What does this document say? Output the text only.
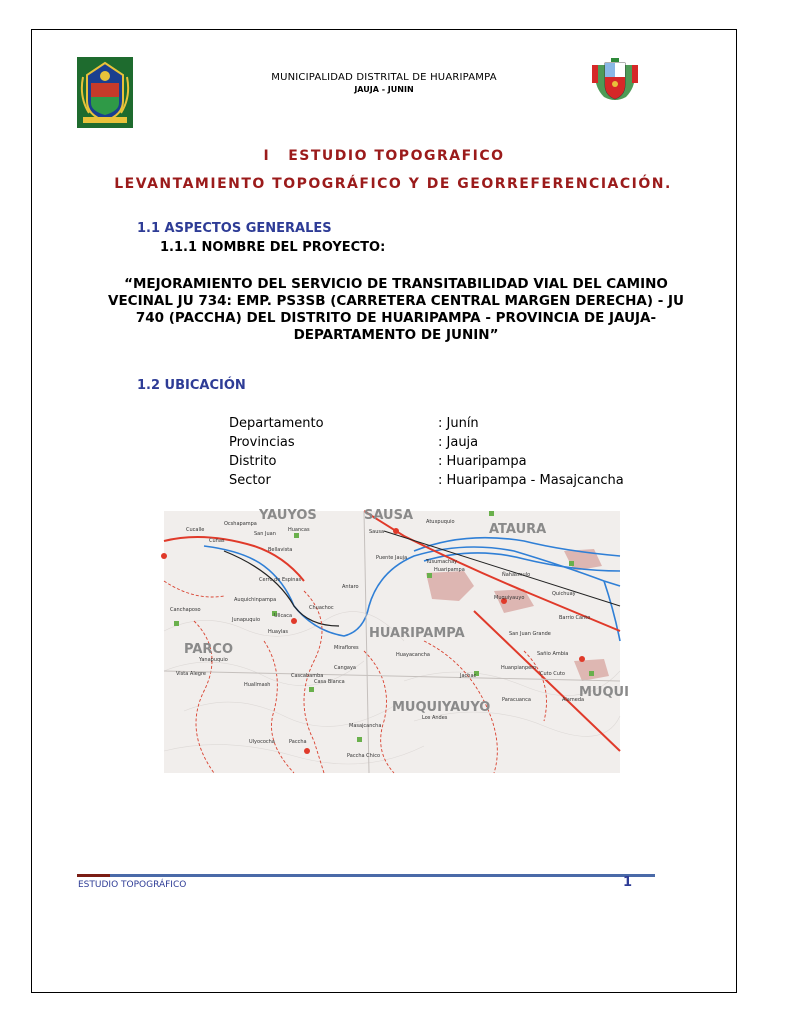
MUNICIPALIDAD DISTRITAL DE HUARIPAMPA
JAUJA - JUNIN
I ESTUDIO TOPOGRAFICO
LEVANTAMIENTO TOPOGRÁFICO Y DE GEORREFERENCIACIÓN.
1.1 ASPECTOS GENERALES
1.1.1 NOMBRE DEL PROYECTO:
“MEJORAMIENTO DEL SERVICIO DE TRANSITABILIDAD VIAL DEL CAMINO VECINAL JU 734: EMP. PS3SB (CARRETERA CENTRAL MARGEN DERECHA) - JU 740 (PACCHA) DEL DISTRITO DE HUARIPAMPA - PROVINCIA DE JAUJA- DEPARTAMENTO DE JUNIN”
1.2 UBICACIÓN
Departamento	: Junín
Provincias	: Jauja
Distrito	: Huaripampa
Sector	: Huaripampa - Masajcancha
YAUYOS	SAUSA
ATAURA
HUARIPAMPA
PARCO
MUQUIYAUYO
MUQUI
Cucalle
Ocshapampa
Huancas
San Juan
Cuñas
Bellavista
Sausa
Atuxpuquio
Puente Jauja
Tusumachay
Huaripampa
Ñahasmulo
Cerro de Espinas
Antaro
Auquichinpampa
Chuachoc
Muquiyauyo
Quichuay
Canchaposo
Junapuquio
Ullcaca
San Juan Grande
Barrio Canto
Huaylas
Miraflores
Yanapuquio
Huayacancha	Sañio Ambia
Vista Alegre
Huallmash
Cascabamba
Cangaya
Casa Blanca
Jachac
Huanpianpero
Cuto Cuto
Paccha
Ulyococha
Masajcancha
Los Andes
Paccha Chico
Alameda
Paracuanca
ESTUDIO TOPOGRÁFICO	1
